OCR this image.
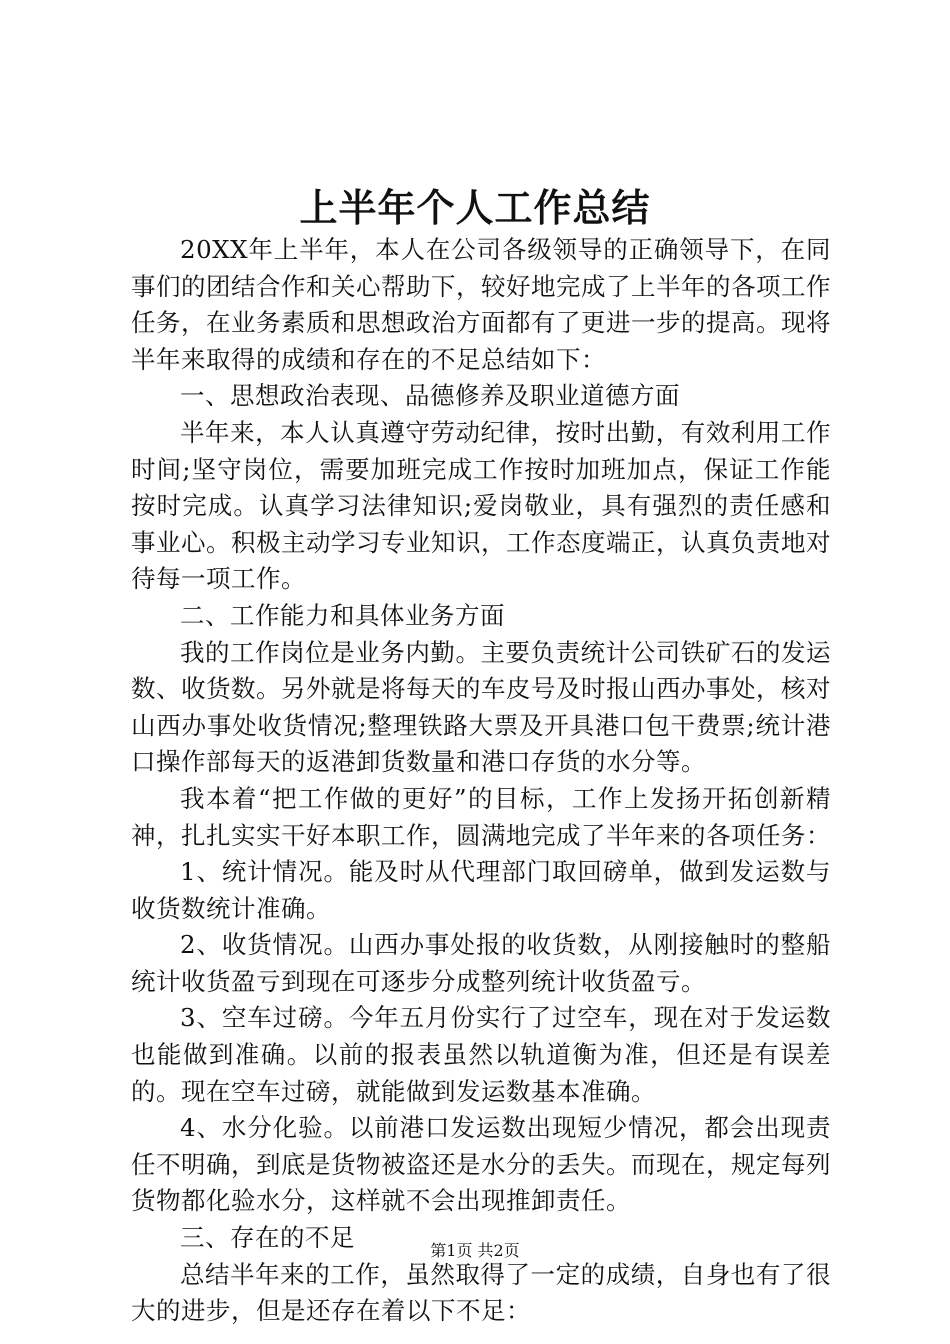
上半年个人工作总结

20XX年上半年，本人在公司各级领导的正确领导下，在同事们的团结合作和关心帮助下，较好地完成了上半年的各项工作任务，在业务素质和思想政治方面都有了更进一步的提高。现将半年来取得的成绩和存在的不足总结如下：

一、思想政治表现、品德修养及职业道德方面

半年来，本人认真遵守劳动纪律，按时出勤，有效利用工作时间;坚守岗位，需要加班完成工作按时加班加点，保证工作能按时完成。认真学习法律知识;爱岗敬业，具有强烈的责任感和事业心。积极主动学习专业知识，工作态度端正，认真负责地对待每一项工作。

二、工作能力和具体业务方面

我的工作岗位是业务内勤。主要负责统计公司铁矿石的发运数、收货数。另外就是将每天的车皮号及时报山西办事处，核对山西办事处收货情况;整理铁路大票及开具港口包干费票;统计港口操作部每天的返港卸货数量和港口存货的水分等。

我本着“把工作做的更好”的目标，工作上发扬开拓创新精神，扎扎实实干好本职工作，圆满地完成了半年来的各项任务：

1、统计情况。能及时从代理部门取回磅单，做到发运数与收货数统计准确。

2、收货情况。山西办事处报的收货数，从刚接触时的整船统计收货盈亏到现在可逐步分成整列统计收货盈亏。

3、空车过磅。今年五月份实行了过空车，现在对于发运数也能做到准确。以前的报表虽然以轨道衡为准，但还是有误差的。现在空车过磅，就能做到发运数基本准确。

4、水分化验。以前港口发运数出现短少情况，都会出现责任不明确，到底是货物被盗还是水分的丢失。而现在，规定每列货物都化验水分，这样就不会出现推卸责任。

三、存在的不足

总结半年来的工作，虽然取得了一定的成绩，自身也有了很大的进步，但是还存在着以下不足：

第1页 共2页
